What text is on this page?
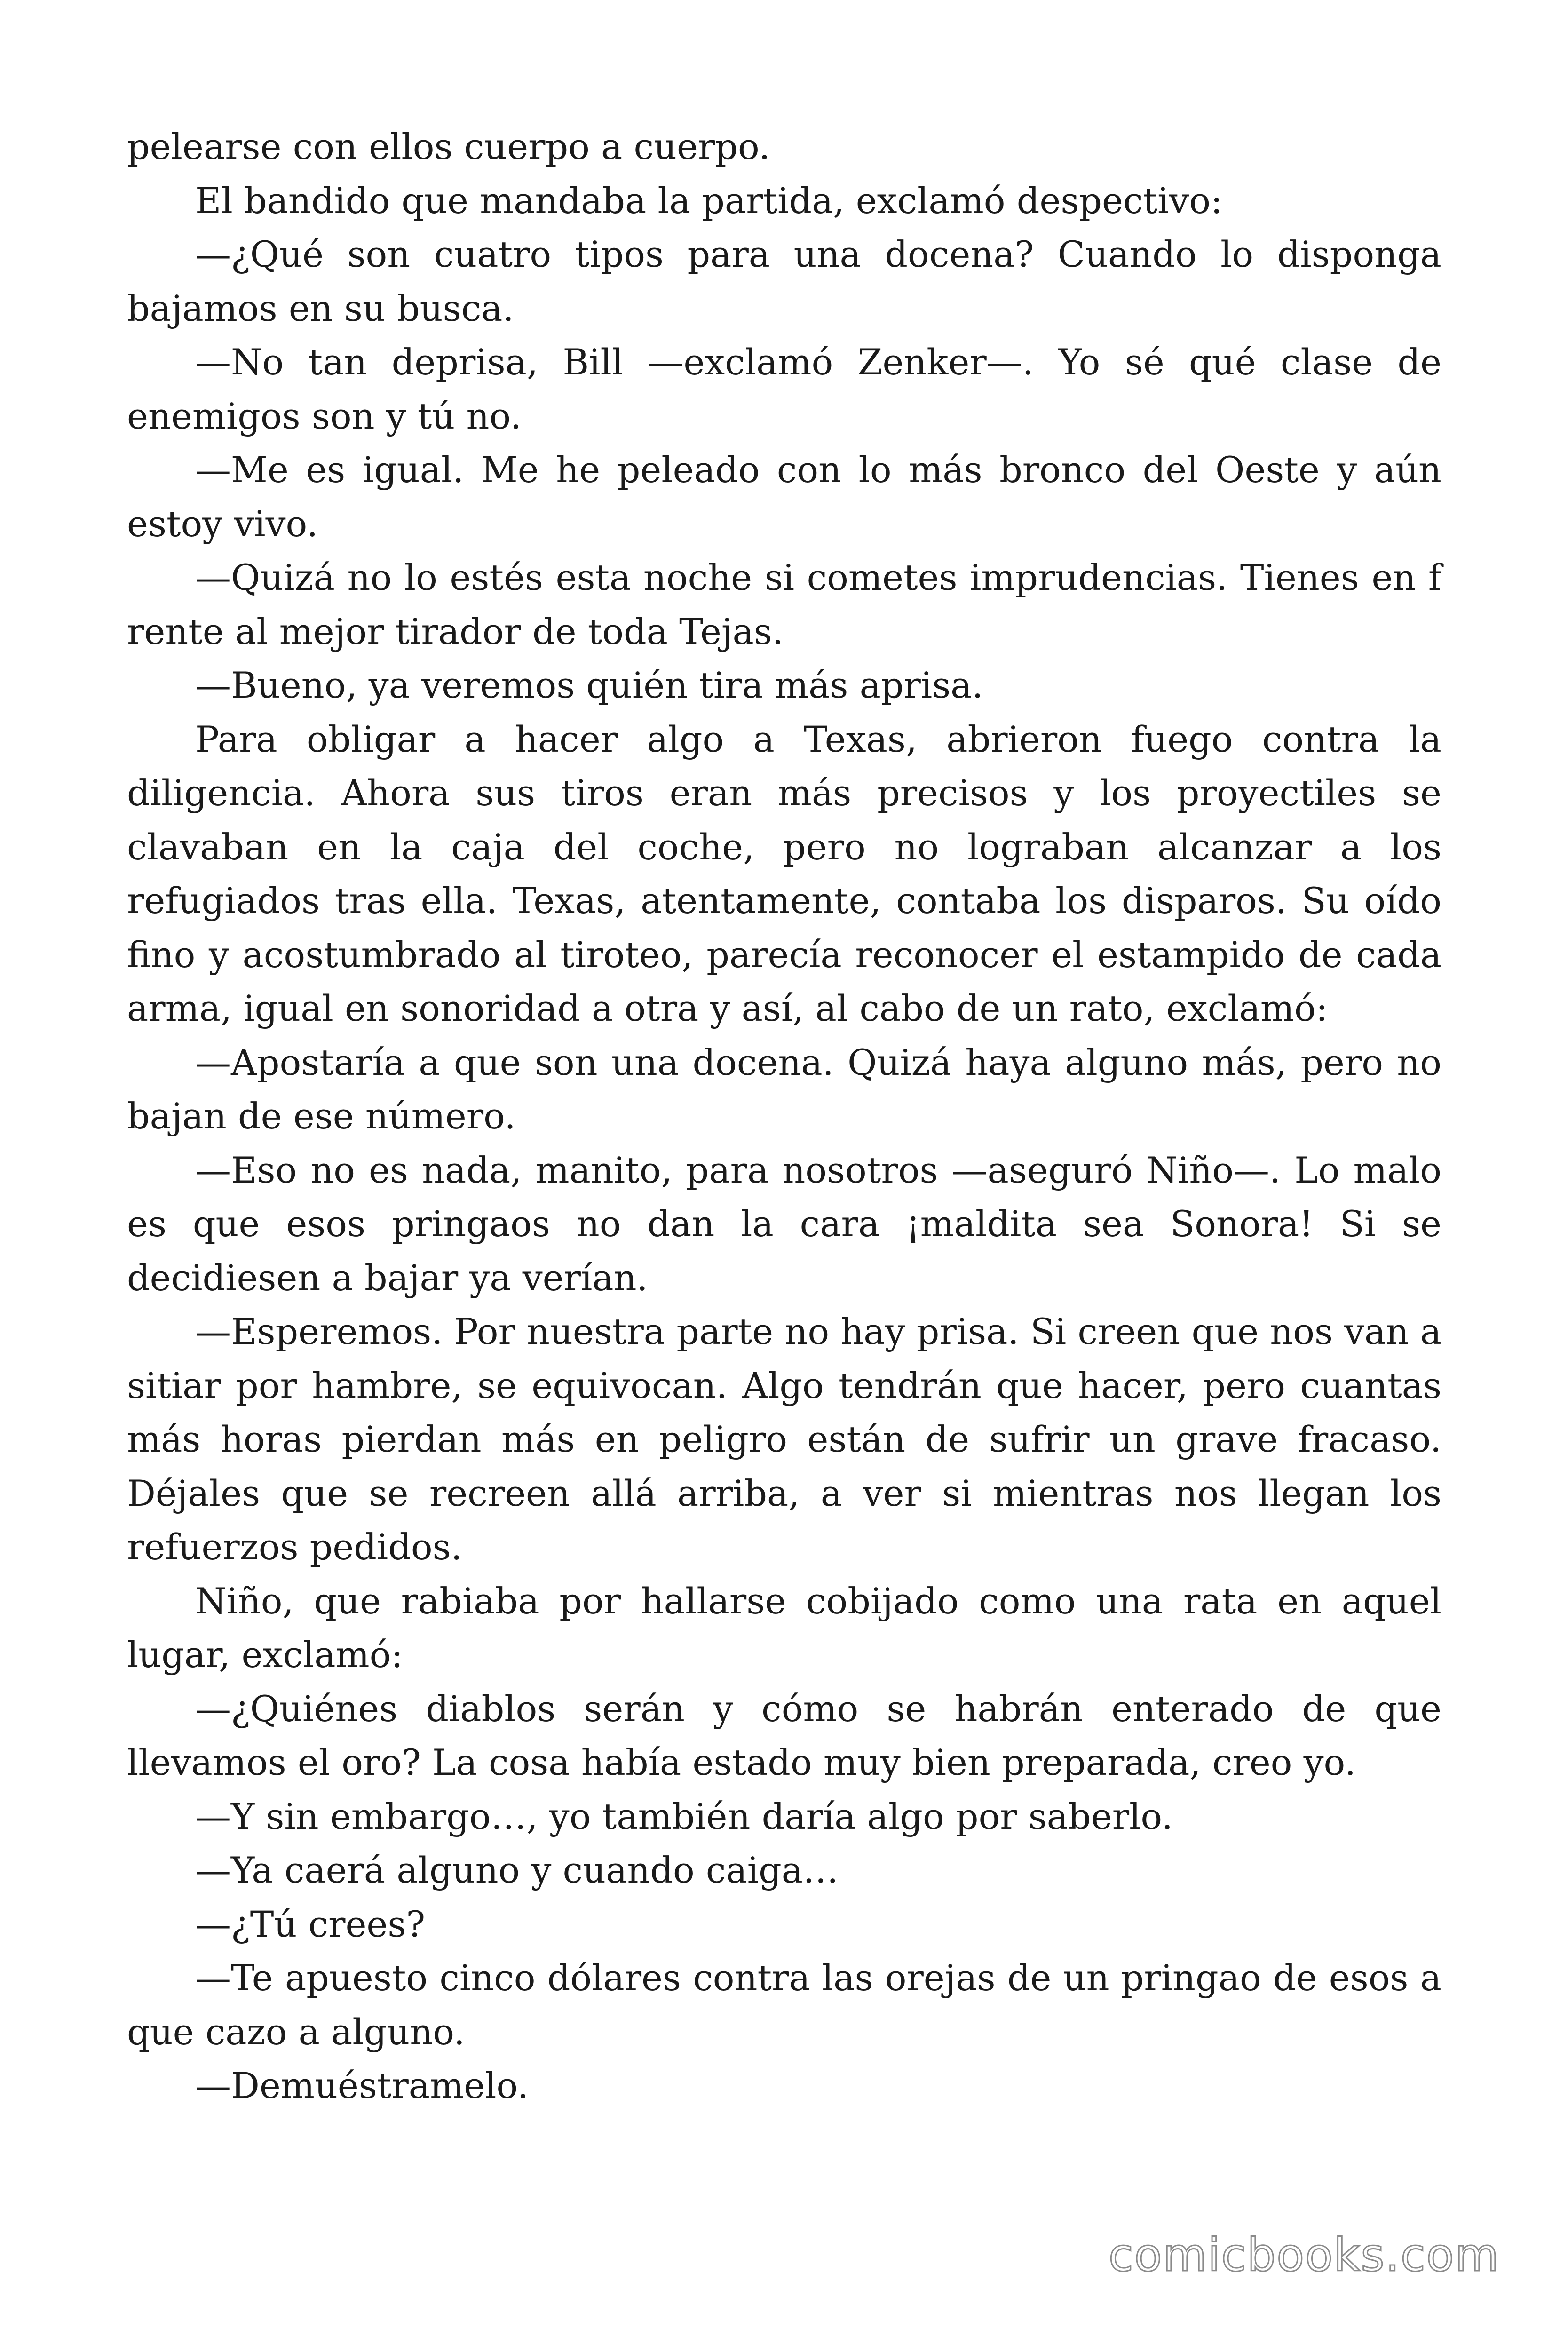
pelearse con ellos cuerpo a cuerpo.

El bandido que mandaba la partida, exclamó despectivo:

—¿Qué son cuatro tipos para una docena? Cuando lo disponga bajamos en su busca.

—No tan deprisa, Bill —exclamó Zenker—. Yo sé qué clase de enemigos son y tú no.

—Me es igual. Me he peleado con lo más bronco del Oeste y aún estoy vivo.

—Quizá no lo estés esta noche si cometes imprudencias. Tienes en f rente al mejor tirador de toda Tejas.

—Bueno, ya veremos quién tira más aprisa.

Para obligar a hacer algo a Texas, abrieron fuego contra la diligencia. Ahora sus tiros eran más precisos y los proyectiles se clavaban en la caja del coche, pero no lograban alcanzar a los refugiados tras ella. Texas, atentamente, contaba los disparos. Su oído fino y acostumbrado al tiroteo, parecía reconocer el estampido de cada arma, igual en sonoridad a otra y así, al cabo de un rato, exclamó:

—Apostaría a que son una docena. Quizá haya alguno más, pero no bajan de ese número.

—Eso no es nada, manito, para nosotros —aseguró Niño—. Lo malo es que esos pringaos no dan la cara ¡maldita sea Sonora! Si se decidiesen a bajar ya verían.

—Esperemos. Por nuestra parte no hay prisa. Si creen que nos van a sitiar por hambre, se equivocan. Algo tendrán que hacer, pero cuantas más horas pierdan más en peligro están de sufrir un grave fracaso. Déjales que se recreen allá arriba, a ver si mientras nos llegan los refuerzos pedidos.

Niño, que rabiaba por hallarse cobijado como una rata en aquel lugar, exclamó:

—¿Quiénes diablos serán y cómo se habrán enterado de que llevamos el oro? La cosa había estado muy bien preparada, creo yo.

—Y sin embargo…, yo también daría algo por saberlo.

—Ya caerá alguno y cuando caiga…

—¿Tú crees?

—Te apuesto cinco dólares contra las orejas de un pringao de esos a que cazo a alguno.

—Demuéstramelo.

comicbooks.com
